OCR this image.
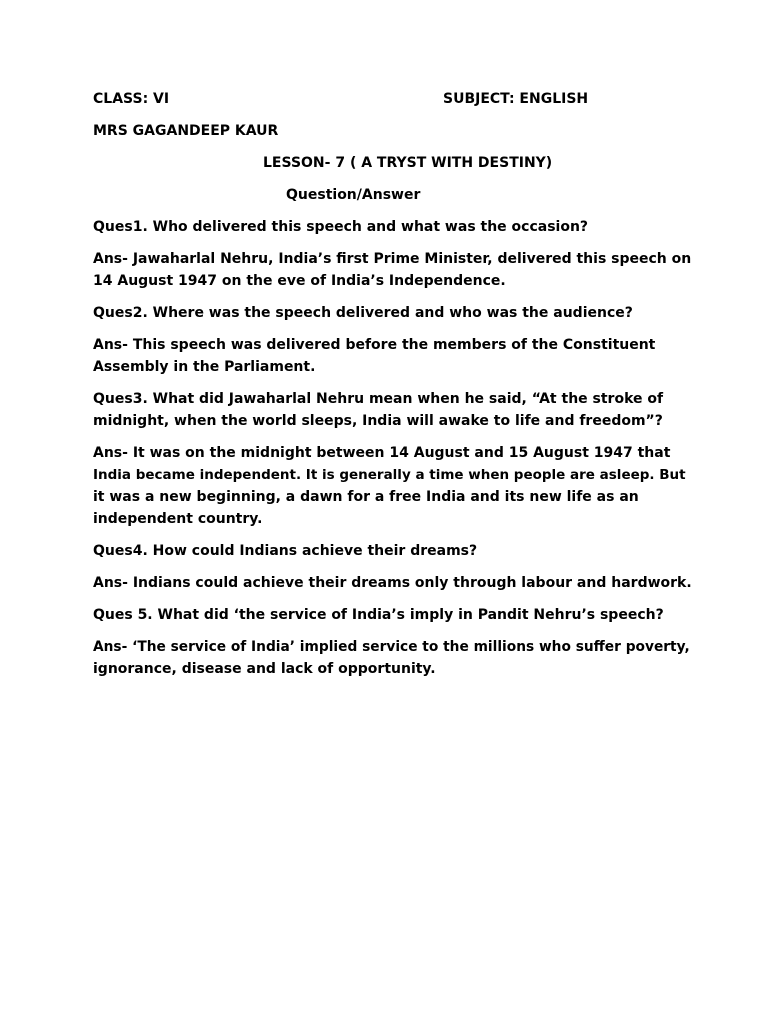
CLASS: VI	SUBJECT: ENGLISH
MRS GAGANDEEP KAUR
LESSON- 7 ( A TRYST WITH DESTINY)
Question/Answer
Ques1. Who delivered this speech and what was the occasion?
Ans- Jawaharlal Nehru, India’s first Prime Minister, delivered this speech on
14 August 1947 on the eve of India’s Independence.
Ques2. Where was the speech delivered and who was the audience?
Ans- This speech was delivered before the members of the Constituent
Assembly in the Parliament.
Ques3. What did Jawaharlal Nehru mean when he said, “At the stroke of
midnight, when the world sleeps, India will awake to life and freedom”?
Ans- It was on the midnight between 14 August and 15 August 1947 that
India became independent. It is generally a time when people are asleep. But
it was a new beginning, a dawn for a free India and its new life as an
independent country.
Ques4. How could Indians achieve their dreams?
Ans- Indians could achieve their dreams only through labour and hardwork.
Ques 5. What did ‘the service of India’s imply in Pandit Nehru’s speech?
Ans- ‘The service of India’ implied service to the millions who suffer poverty,
ignorance, disease and lack of opportunity.
